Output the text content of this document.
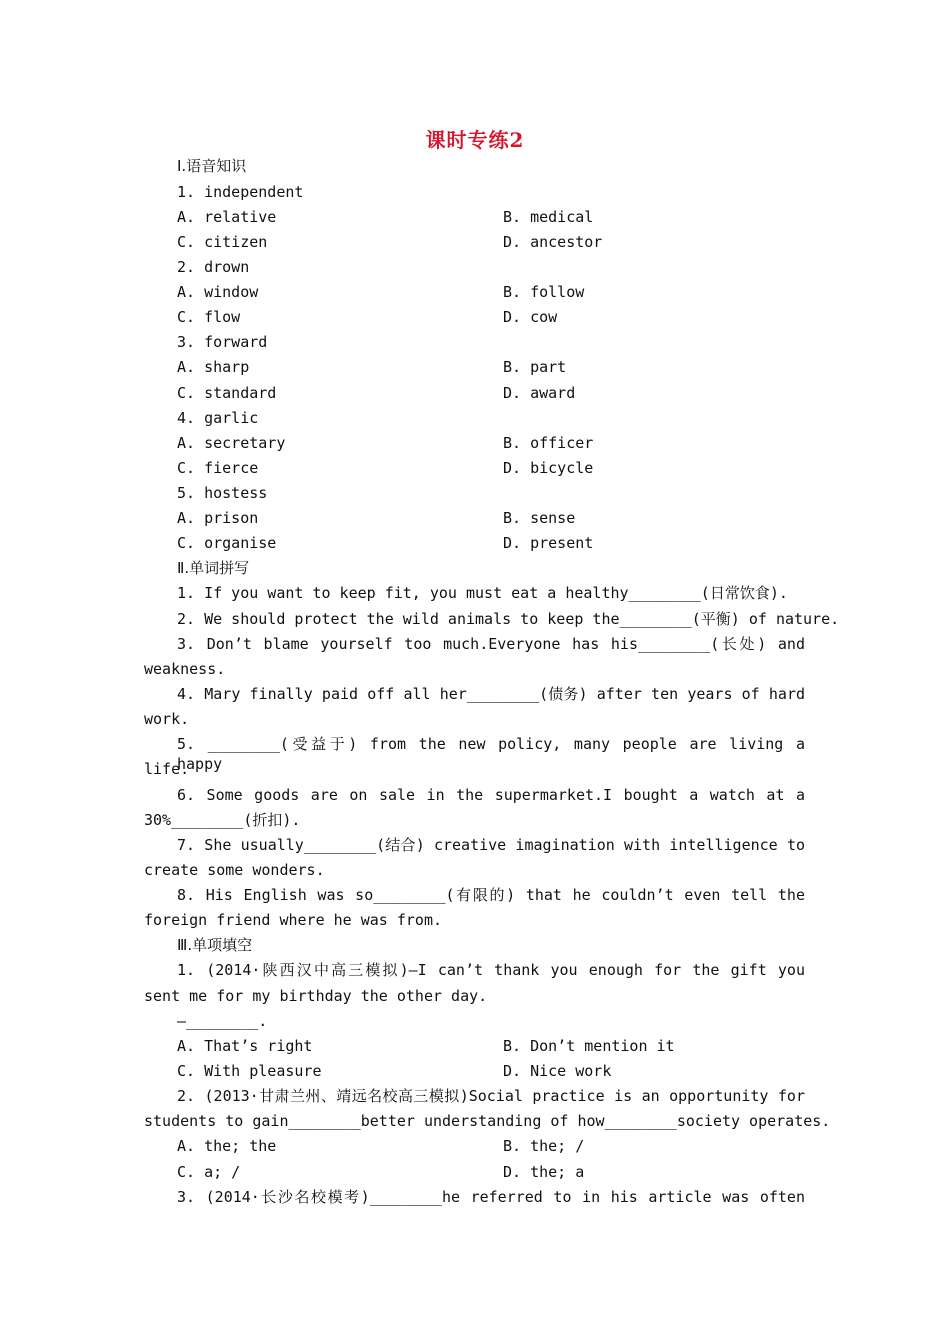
课时专练2
Ⅰ.语音知识
1. independent
A. relative	B. medical
C. citizen	D. ancestor
2. drown
A. window	B. follow
C. flow	D. cow
3. forward
A. sharp	B. part
C. standard	D. award
4. garlic
A. secretary	B. officer
C. fierce	D. bicycle
5. hostess
A. prison	B. sense
C. organise	D. present
Ⅱ.单词拼写
1. If you want to keep fit, you must eat a healthy________(日常饮食).
2. We should protect the wild animals to keep the________(平衡) of nature.
3. Don’t blame yourself too much.Everyone has his________(长处) and
weakness.
4. Mary finally paid off all her________(债务) after ten years of hard
work.
5. ________(受益于) from the new policy, many people are living a happy
life.
6. Some goods are on sale in the supermarket.I bought a watch at a
30%________(折扣).
7. She usually________(结合) creative imagination with intelligence to
create some wonders.
8. His English was so________(有限的) that he couldn’t even tell the
foreign friend where he was from.
Ⅲ.单项填空
1. (2014·陕西汉中高三模拟)—I can’t thank you enough for the gift you
sent me for my birthday the other day.
—________.
A. That’s right	B. Don’t mention it
C. With pleasure	D. Nice work
2. (2013·甘肃兰州、靖远名校高三模拟)Social practice is an opportunity for
students to gain________better understanding of how________society operates.
A. the; the	B. the; /
C. a; /	D. the; a
3. (2014·长沙名校模考)________he referred to in his article was often
